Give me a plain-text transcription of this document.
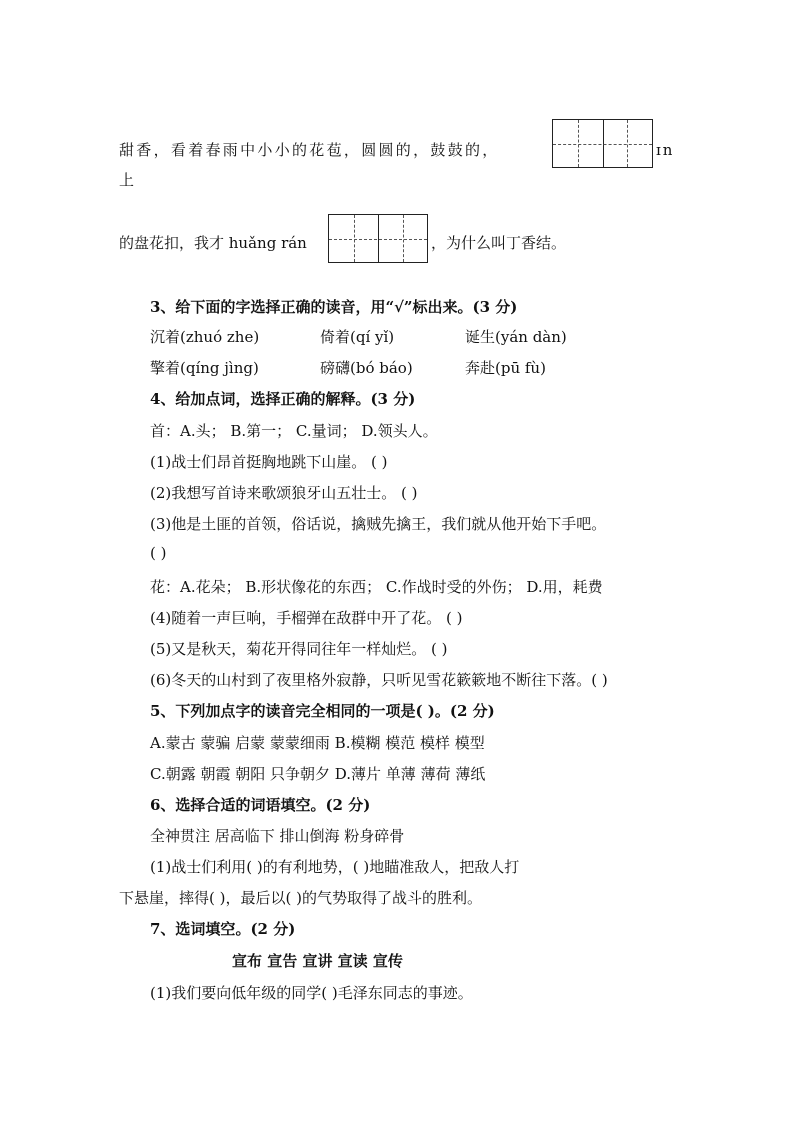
甜香，看着春雨中小小的花苞，圆圆的，鼓鼓的，	ɪn
上
的盘花扣，我才 huǎng rán	，为什么叫丁香结。
3、给下面的字选择正确的读音，用“√”标出来。(3 分)
沉着(zhuó zhe)	倚着(qí yǐ)	诞生(yán dàn)
擎着(qíng jìng)	磅礴(bó báo)	奔赴(pū fù)
4、给加点词，选择正确的解释。(3 分)
首：A.头； B.第一； C.量词； D.领头人。
(1)战士们昂首挺胸地跳下山崖。 ( )
(2)我想写首诗来歌颂狼牙山五壮士。 ( )
(3)他是土匪的首领，俗话说，擒贼先擒王，我们就从他开始下手吧。
( )
花：A.花朵； B.形状像花的东西； C.作战时受的外伤； D.用，耗费
(4)随着一声巨响，手榴弹在敌群中开了花。 ( )
(5)又是秋天，菊花开得同往年一样灿烂。 ( )
(6)冬天的山村到了夜里格外寂静，只听见雪花簌簌地不断往下落。( )
5、下列加点字的读音完全相同的一项是( )。(2 分)
A.蒙古 蒙骗 启蒙 蒙蒙细雨 B.模糊 模范 模样 模型
C.朝露 朝霞 朝阳 只争朝夕 D.薄片 单薄 薄荷 薄纸
6、选择合适的词语填空。(2 分)
全神贯注 居高临下 排山倒海 粉身碎骨
(1)战士们利用( )的有利地势，( )地瞄准敌人，把敌人打
下悬崖，摔得( )，最后以( )的气势取得了战斗的胜利。
7、选词填空。(2 分)
宣布 宣告 宣讲 宣读 宣传
(1)我们要向低年级的同学( )毛泽东同志的事迹。
